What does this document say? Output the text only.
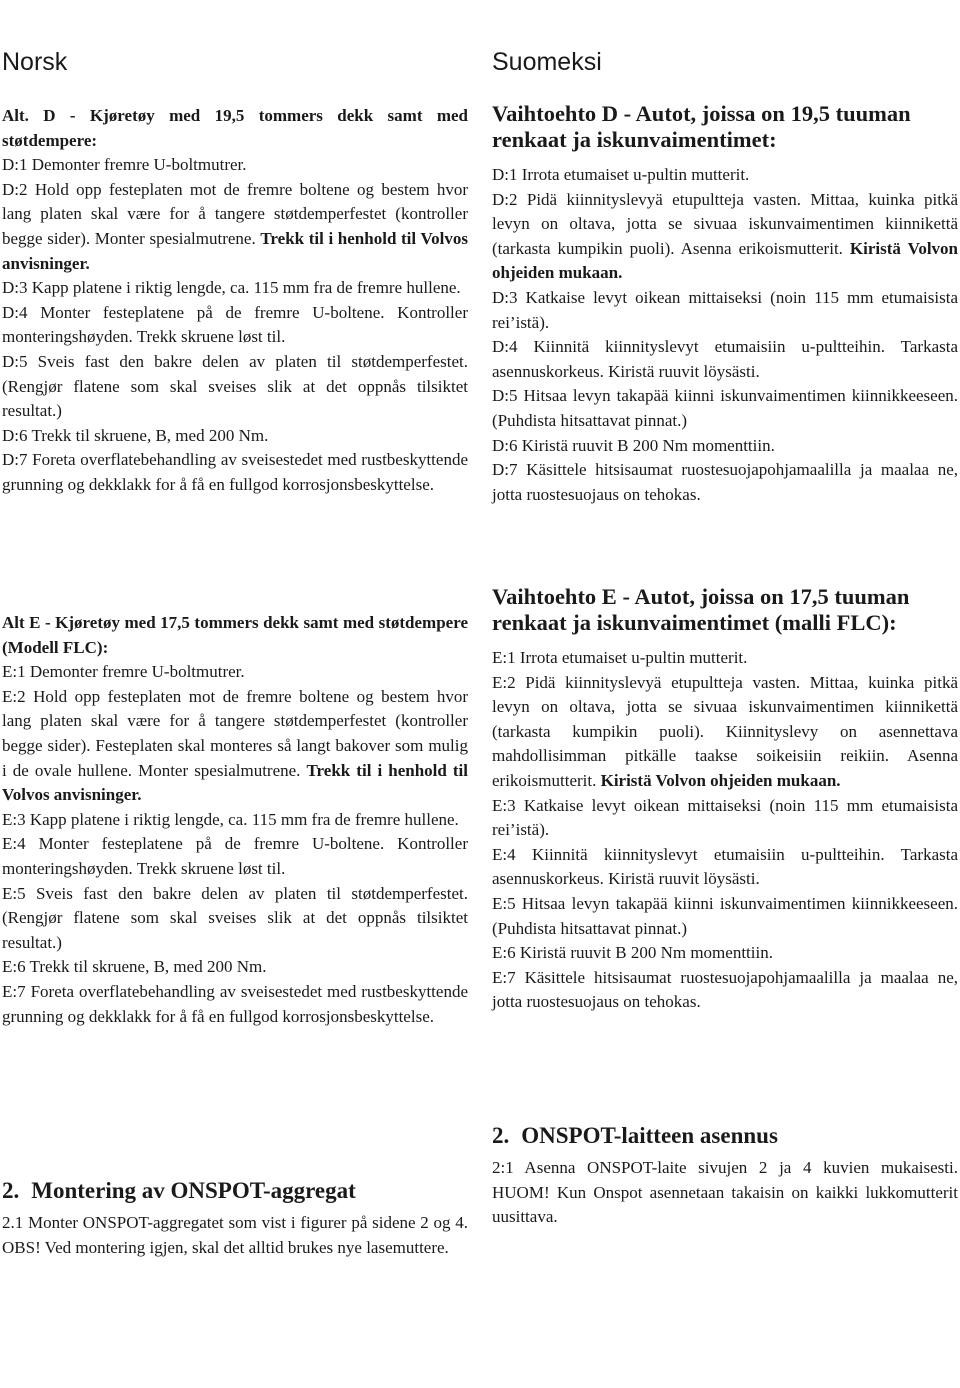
Norsk

Alt. D - Kjøretøy med 19,5 tommers dekk samt med støtdempere:

D:1 Demonter fremre U-boltmutrer.

D:2 Hold opp festeplaten mot de fremre boltene og bestem hvor lang platen skal være for å tangere støtdemperfestet (kontroller begge sider). Monter spesialmutrene. Trekk til i henhold til Volvos anvisninger.

D:3 Kapp platene i riktig lengde, ca. 115 mm fra de fremre hullene.

D:4 Monter festeplatene på de fremre U-boltene. Kontroller monteringshøyden. Trekk skruene løst til.

D:5 Sveis fast den bakre delen av platen til støtdemperfestet. (Rengjør flatene som skal sveises slik at det oppnås tilsiktet resultat.)

D:6 Trekk til skruene, B, med 200 Nm.

D:7 Foreta overflatebehandling av sveisestedet med rustbeskyttende grunning og dekklakk for å få en fullgod korrosjonsbeskyttelse.

Alt E - Kjøretøy med 17,5 tommers dekk samt med støtdempere (Modell FLC):

E:1 Demonter fremre U-boltmutrer.

E:2 Hold opp festeplaten mot de fremre boltene og bestem hvor lang platen skal være for å tangere støtdemperfestet (kontroller begge sider). Festeplaten skal monteres så langt bakover som mulig i de ovale hullene. Monter spesialmutrene. Trekk til i henhold til Volvos anvisninger.

E:3 Kapp platene i riktig lengde, ca. 115 mm fra de fremre hullene.

E:4 Monter festeplatene på de fremre U-boltene. Kontroller monteringshøyden. Trekk skruene løst til.

E:5 Sveis fast den bakre delen av platen til støtdemperfestet. (Rengjør flatene som skal sveises slik at det oppnås tilsiktet resultat.)

E:6 Trekk til skruene, B, med 200 Nm.

E:7 Foreta overflatebehandling av sveisestedet med rustbeskyttende grunning og dekklakk for å få en fullgod korrosjonsbeskyttelse.

2. Montering av ONSPOT-aggregat

2.1 Monter ONSPOT-aggregatet som vist i figurer på sidene 2 og 4. OBS! Ved montering igjen, skal det alltid brukes nye lasemuttere.

Suomeksi
Vaihtoehto D - Autot, joissa on 19,5 tuuman renkaat ja iskunvaimentimet:

D:1 Irrota etumaiset u-pultin mutterit.

D:2 Pidä kiinnityslevyä etupultteja vasten. Mittaa, kuinka pitkä levyn on oltava, jotta se sivuaa iskunvaimentimen kiinnikettä (tarkasta kumpikin puoli). Asenna erikoismutterit. Kiristä Volvon ohjeiden mukaan.

D:3 Katkaise levyt oikean mittaiseksi (noin 115 mm etumaisista rei’istä).

D:4 Kiinnitä kiinnityslevyt etumaisiin u-pultteihin. Tarkasta asennuskorkeus. Kiristä ruuvit löysästi.

D:5 Hitsaa levyn takapää kiinni iskunvaimentimen kiinnikkeeseen. (Puhdista hitsattavat pinnat.)

D:6 Kiristä ruuvit B 200 Nm momenttiin.

D:7 Käsittele hitsisaumat ruostesuojapohjamaalilla ja maalaa ne, jotta ruostesuojaus on tehokas.

Vaihtoehto E - Autot, joissa on 17,5 tuuman renkaat ja iskunvaimentimet (malli FLC):

E:1 Irrota etumaiset u-pultin mutterit.

E:2 Pidä kiinnityslevyä etupultteja vasten. Mittaa, kuinka pitkä levyn on oltava, jotta se sivuaa iskunvaimentimen kiinnikettä (tarkasta kumpikin puoli). Kiinnityslevy on asennettava mahdollisimman pitkälle taakse soikeisiin reikiin. Asenna erikoismutterit. Kiristä Volvon ohjeiden mukaan.

E:3 Katkaise levyt oikean mittaiseksi (noin 115 mm etumaisista rei’istä).

E:4 Kiinnitä kiinnityslevyt etumaisiin u-pultteihin. Tarkasta asennuskorkeus. Kiristä ruuvit löysästi.

E:5 Hitsaa levyn takapää kiinni iskunvaimentimen kiinnikkeeseen. (Puhdista hitsattavat pinnat.)

E:6 Kiristä ruuvit B 200 Nm momenttiin.

E:7 Käsittele hitsisaumat ruostesuojapohjamaalilla ja maalaa ne, jotta ruostesuojaus on tehokas.

2. ONSPOT-laitteen asennus

2:1 Asenna ONSPOT-laite sivujen 2 ja 4 kuvien mukaisesti. HUOM! Kun Onspot asennetaan takaisin on kaikki lukkomutterit uusittava.
